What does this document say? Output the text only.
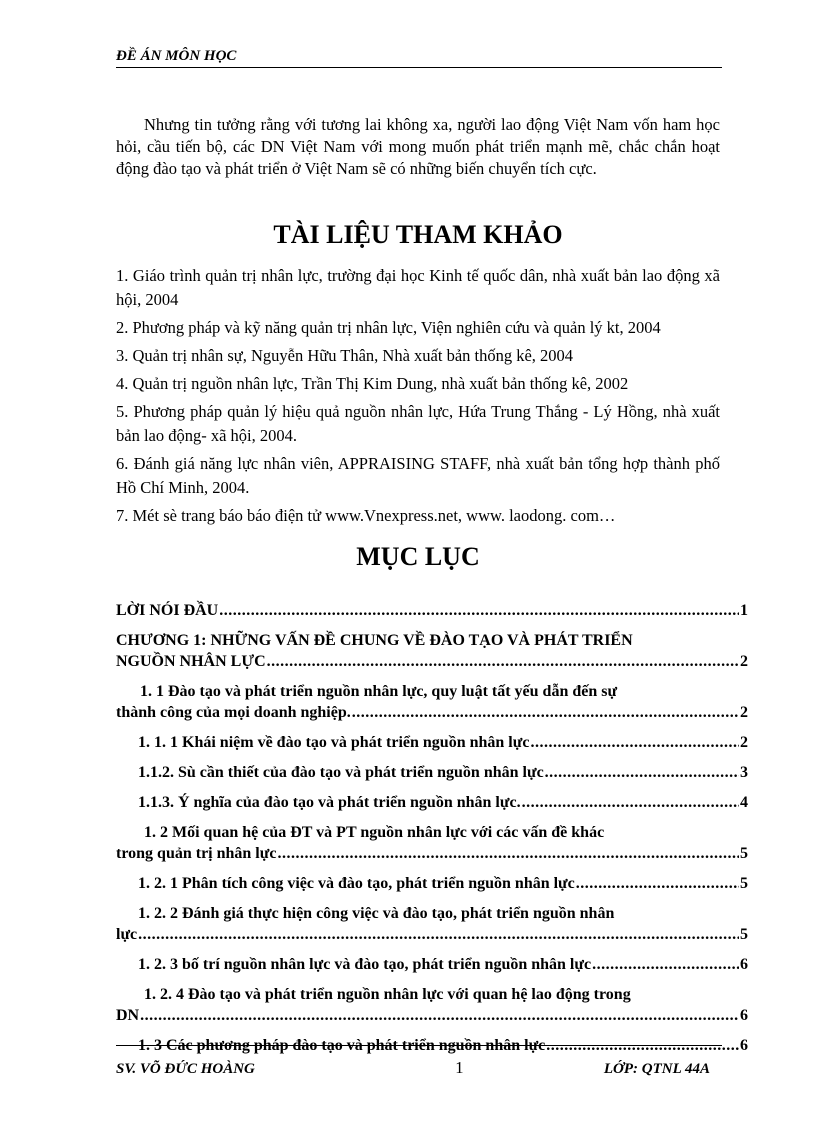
ĐỀ ÁN MÔN HỌC

Nhưng tin tưởng rằng với tương lai không xa, người lao động Việt Nam vốn ham học hỏi, cầu tiến bộ, các DN Việt Nam với mong muốn phát triển mạnh mẽ, chắc chắn hoạt động đào tạo và phát triển ở Việt Nam sẽ có những biến chuyển tích cực.

TÀI LIỆU THAM KHẢO

1. Giáo trình quản trị nhân lực, trường đại học Kinh tế quốc dân, nhà xuất bản lao động xã hội, 2004

2. Phương pháp và kỹ năng quản trị nhân lực, Viện nghiên cứu và quản lý kt, 2004

3. Quản trị nhân sự, Nguyễn Hữu Thân, Nhà xuất bản thống kê, 2004

4. Quản trị nguồn nhân lực, Trần Thị Kim Dung, nhà xuất bản thống kê, 2002

5. Phương pháp quản lý hiệu quả nguồn nhân lực, Hứa Trung Thắng - Lý Hồng, nhà xuất bản lao động- xã hội, 2004.

6. Đánh giá năng lực nhân viên, APPRAISING STAFF, nhà xuất bản tổng hợp thành phố Hồ Chí Minh, 2004.

7. Mét sè trang báo báo điện tử www.Vnexpress.net, www. laodong. com…

MỤC LỤC
LỜI NÓI ĐẦU .....	1
CHƯƠNG 1: NHỮNG VẤN ĐỀ CHUNG VỀ ĐÀO TẠO VÀ PHÁT TRIỂN
NGUỒN NHÂN LỰC .....	2
1. 1 Đào tạo và phát triển nguồn nhân lực, quy luật tất yếu dẫn đến sự
thành công của mọi doanh nghiệp. .....	2
1. 1. 1 Khái niệm về đào tạo và phát triển nguồn nhân lực .....	2
1.1.2. Sù cần thiết của đào tạo và phát triển nguồn nhân lực .....	3
1.1.3. Ý nghĩa của đào tạo và phát triển nguồn nhân lực. .....	4
1. 2 Mối quan hệ của ĐT và PT nguồn nhân lực với các vấn đề khác
trong quản trị nhân lực .....	5
1. 2. 1 Phân tích công việc và đào tạo, phát triển nguồn nhân lực .....	5
1. 2. 2 Đánh giá thực hiện công việc và đào tạo, phát triển nguồn nhân
lực .....	5
1. 2. 3 bố trí nguồn nhân lực và đào tạo, phát triển nguồn nhân lực .....	6
1. 2. 4 Đào tạo và phát triển nguồn nhân lực với quan hệ lao động trong
DN .....	6
1. 3 Các phương pháp đào tạo và phát triển nguồn nhân lực .....	6
SV. VÕ ĐỨC HOÀNG	1	LỚP: QTNL 44A
